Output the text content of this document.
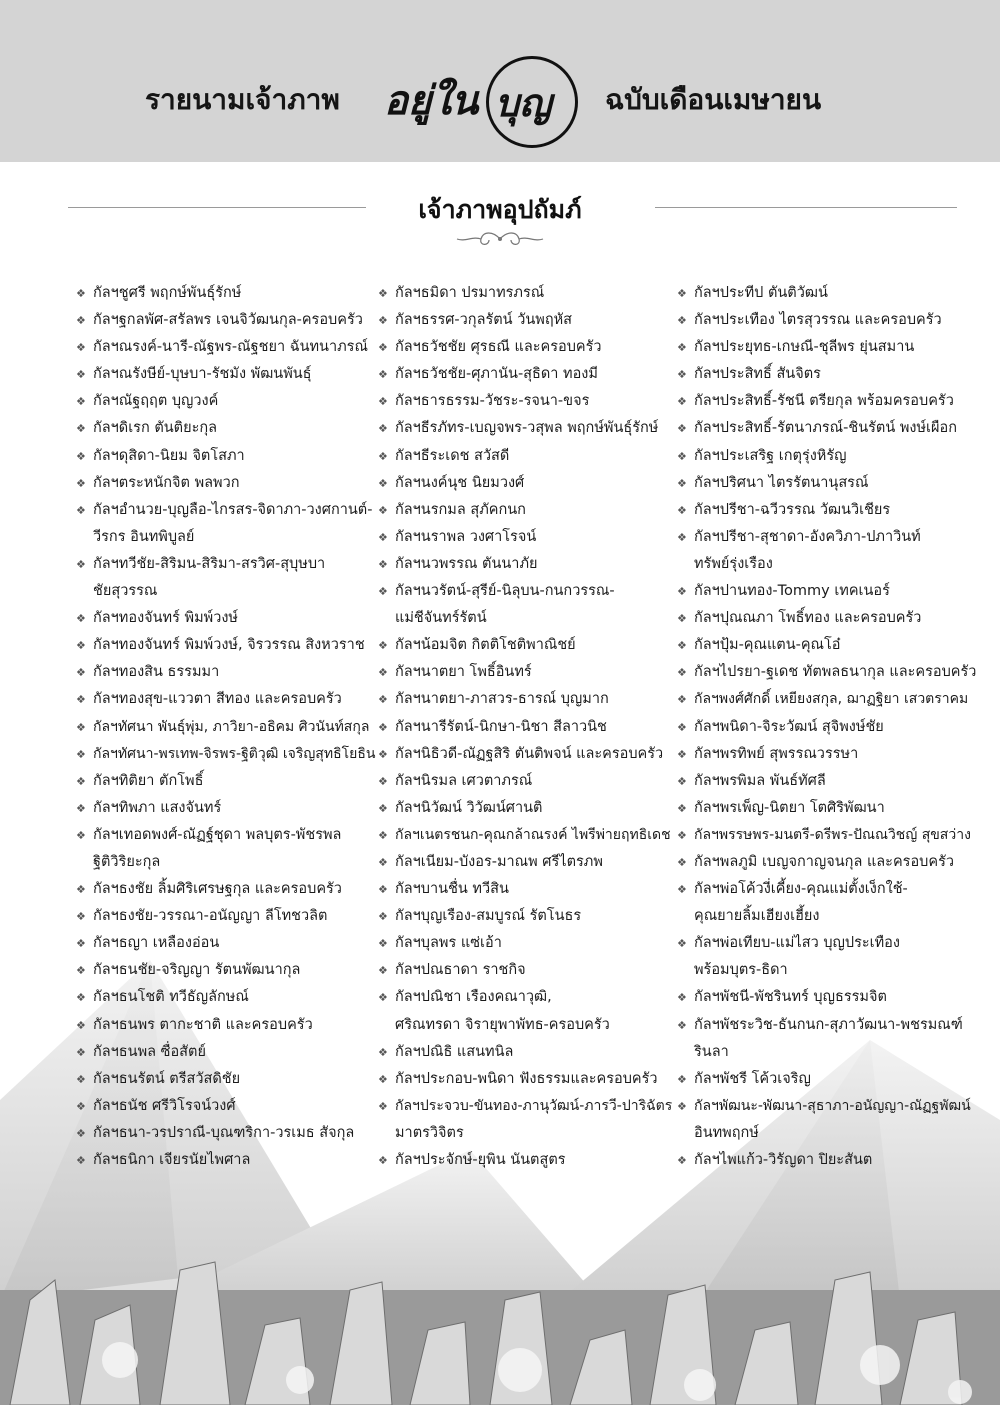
รายนามเจ้าภาพ อยู่ใน บุญ ฉบับเดือนเมษายน
เจ้าภาพอุปถัมภ์
❖ กัลฯชูศรี พฤกษ์พันธุ์รักษ์
❖ กัลฯฐกลพัศ-สรัลพร เจนจิวัฒนกุล-ครอบครัว
❖ กัลฯณรงค์-นารี-ณัฐพร-ณัฐชยา ฉันทนาภรณ์
❖ กัลฯณรังษีย์-บุษบา-รัชมัง พัฒนพันธุ์
❖ กัลฯณัฐฤฤต บุญวงค์
❖ กัลฯดิเรก ตันติยะกุล
❖ กัลฯดุสิดา-นิยม จิตโสภา
❖ กัลฯตระหนักจิต พลพวก
❖ กัลฯอำนวย-บุญลือ-ไกรสร-จิดาภา-วงศกานต์-
วีรกร อินทพิบูลย์
❖ กัลฯทวีชัย-สิริมน-สิริมา-สรวิศ-สุบุษบา
ชัยสุวรรณ
❖ กัลฯทองจันทร์ พิมพ์วงษ์
❖ กัลฯทองจันทร์ พิมพ์วงษ์, จิรวรรณ สิงหวราช
❖ กัลฯทองสิน ธรรมมา
❖ กัลฯทองสุข-แววตา สีทอง และครอบครัว
❖ กัลฯทัศนา พันธุ์พุ่ม, ภาวิยา-อธิคม ศิวนันท์สกุล
❖ กัลฯทัศนา-พรเทพ-จิรพร-ฐิติวุฒิ เจริญสุทธิโยธิน
❖ กัลฯทิติยา ตักโพธิ์
❖ กัลฯทิพภา แสงจันทร์
❖ กัลฯเทอดพงศ์-ณัฏฐ์ชุดา พลบุตร-พัชรพล
ฐิติวิริยะกุล
❖ กัลฯธงชัย ลิ้มศิริเศรษฐกุล และครอบครัว
❖ กัลฯธงชัย-วรรณา-อนัญญา ลีโทชวลิต
❖ กัลฯธญา เหลืองอ่อน
❖ กัลฯธนชัย-จริญญา รัตนพัฒนากุล
❖ กัลฯธนโชติ ทวีธัญลักษณ์
❖ กัลฯธนพร ตากะชาติ และครอบครัว
❖ กัลฯธนพล ซื่อสัตย์
❖ กัลฯธนรัตน์ ตรีสวัสดิชัย
❖ กัลฯธนัช ศรีวิโรจน์วงศ์
❖ กัลฯธนา-วรปราณี-บุณฑริกา-วรเมธ สัจกุล
❖ กัลฯธนิกา เจียรนัยไพศาล
❖ กัลฯธมิดา ปรมาทรภรณ์
❖ กัลฯธรรศ-วกุลรัตน์ วันพฤหัส
❖ กัลฯธวัชชัย ศุรธณี และครอบครัว
❖ กัลฯธวัชชัย-ศุภานัน-สุธิดา ทองมี
❖ กัลฯธารธรรม-วัชระ-รจนา-ขจร
❖ กัลฯธีรภัทร-เบญจพร-วสุพล พฤกษ์พันธุ์รักษ์
❖ กัลฯธีระเดช สวัสดี
❖ กัลฯนงค์นุช นิยมวงศ์
❖ กัลฯนรกมล สุภัคกนก
❖ กัลฯนราพล วงศาโรจน์
❖ กัลฯนวพรรณ ตันนาภัย
❖ กัลฯนวรัตน์-สุรีย์-นิลุบน-กนกวรรณ-
แม่ชีจันทร์รัตน์
❖ กัลฯน้อมจิต กิตติโชติพาณิชย์
❖ กัลฯนาตยา โพธิ์อินทร์
❖ กัลฯนาตยา-ภาสวร-ธารณ์ บุญมาก
❖ กัลฯนารีรัตน์-นิกษา-นิชา สีลาวนิช
❖ กัลฯนิธิวดี-ณัฏฐสิริ ตันติพจน์ และครอบครัว
❖ กัลฯนิรมล เศวตาภรณ์
❖ กัลฯนิวัฒน์ วิวัฒน์ศานติ
❖ กัลฯเนตรชนก-คุณกล้าณรงค์ ไพรีพ่ายฤทธิเดช
❖ กัลฯเนียม-บังอร-มาณพ ศรีไตรภพ
❖ กัลฯบานชื่น ทวีสิน
❖ กัลฯบุญเรือง-สมบูรณ์ รัตโนธร
❖ กัลฯบุลพร แซ่เอ้า
❖ กัลฯปณธาดา ราชกิจ
❖ กัลฯปณิชา เรืองคณาวุฒิ,
ศริณทรดา จิรายุพาพัทธ-ครอบครัว
❖ กัลฯปณิธิ แสนทนิล
❖ กัลฯประกอบ-พนิดา ฟังธรรมและครอบครัว
❖ กัลฯประจวบ-ขันทอง-ภานุวัฒน์-ภารวี-ปาริฉัตร
มาตรวิจิตร
❖ กัลฯประจักษ์-ยุพิน นันตสูตร
❖ กัลฯประทีป ตันติวัฒน์
❖ กัลฯประเทือง ไตรสุวรรณ และครอบครัว
❖ กัลฯประยุทธ-เกษณี-ชุลีพร ยุ่นสมาน
❖ กัลฯประสิทธิ์ สันจิตร
❖ กัลฯประสิทธิ์-รัชนี ตรียกุล พร้อมครอบครัว
❖ กัลฯประสิทธิ์-รัตนาภรณ์-ชินรัตน์ พงษ์เผือก
❖ กัลฯประเสริฐ เกตุรุ่งหิรัญ
❖ กัลฯปริศนา ไตรรัตนานุสรณ์
❖ กัลฯปรีชา-ฉวีวรรณ วัฒนวิเชียร
❖ กัลฯปรีชา-สุชาดา-อังควิภา-ปภาวินท์
ทรัพย์รุ่งเรือง
❖ กัลฯปานทอง-Tommy เทคเนอร์
❖ กัลฯปุณณภา โพธิ์ทอง และครอบครัว
❖ กัลฯปุ้ม-คุณแตน-คุณโอ๋
❖ กัลฯไปรยา-ฐเดช ทัตพลธนากุล และครอบครัว
❖ กัลฯพงศ์ศักดิ์ เหยียงสกุล, ฌาฏฐิยา เสวตราคม
❖ กัลฯพนิดา-จิระวัฒน์ สุจิพงษ์ชัย
❖ กัลฯพรทิพย์ สุพรรณวรรษา
❖ กัลฯพรพิมล พันธ์ทัศลี
❖ กัลฯพรเพ็ญ-นิตยา โตศิริพัฒนา
❖ กัลฯพรรษพร-มนตรี-ดรีพร-ปัณณวิชญ์ สุขสว่าง
❖ กัลฯพลภูมิ เบญจกาญจนกุล และครอบครัว
❖ กัลฯพ่อโค้วงี่เคี้ยง-คุณแม่ตั้งเง็กใช้-
คุณยายลิ้มเฮียงเฮี้ยง
❖ กัลฯพ่อเทียบ-แม่ไสว บุญประเทือง
พร้อมบุตร-ธิดา
❖ กัลฯพัชนี-พัชรินทร์ บุญธรรมจิต
❖ กัลฯพัชระวิช-ธันกนก-สุภาวัฒนา-พชรมณฑ์
รินลา
❖ กัลฯพัชรี โค้วเจริญ
❖ กัลฯพัฒนะ-พัฒนา-สุธาภา-อนัญญา-ณัฏฐพัฒน์
อินทพฤกษ์
❖ กัลฯไพแก้ว-วิรัญดา ปิยะสันต
